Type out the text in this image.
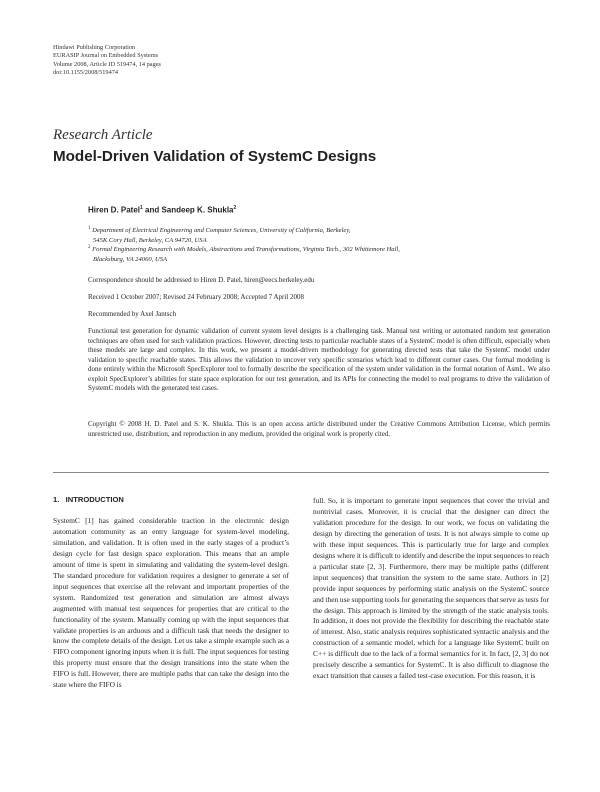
Hindawi Publishing Corporation
EURASIP Journal on Embedded Systems
Volume 2008, Article ID 519474, 14 pages
doi:10.1155/2008/519474
Research Article
Model-Driven Validation of SystemC Designs
Hiren D. Patel$^1$ and Sandeep K. Shukla$^2$
$^1$ Department of Electrical Engineering and Computer Sciences, University of California, Berkeley,
545K Cory Hall, Berkeley, CA 94720, USA
$^2$ Formal Engineering Research with Models, Abstractions and Transformations, Virginia Tech., 302 Whittemore Hall,
Blacksburg, VA 24060, USA
Correspondence should be addressed to Hiren D. Patel, hiren@eecs.berkeley.edu
Received 1 October 2007; Revised 24 February 2008; Accepted 7 April 2008
Recommended by Axel Jantsch
Functional test generation for dynamic validation of current system level designs is a challenging task. Manual test writing or automated random test generation techniques are often used for such validation practices. However, directing tests to particular reachable states of a SystemC model is often difficult, especially when these models are large and complex. In this work, we present a model-driven methodology for generating directed tests that take the SystemC model under validation to specific reachable states. This allows the validation to uncover very specific scenarios which lead to different corner cases. Our formal modeling is done entirely within the Microsoft SpecExplorer tool to formally describe the specification of the system under validation in the formal notation of AsmL. We also exploit SpecExplorer’s abilities for state space exploration for our test generation, and its APIs for connecting the model to real programs to drive the validation of SystemC models with the generated test cases.
Copyright © 2008 H. D. Patel and S. K. Shukla. This is an open access article distributed under the Creative Commons Attribution License, which permits unrestricted use, distribution, and reproduction in any medium, provided the original work is properly cited.
1.   INTRODUCTION

SystemC [1] has gained considerable traction in the electronic design automation community as an entry language for system-level modeling, simulation, and validation. It is often used in the early stages of a product’s design cycle for fast design space exploration. This means that an ample amount of time is spent in simulating and validating the system-level design. The standard procedure for validation requires a designer to generate a set of input sequences that exercise all the relevant and important properties of the system. Randomized test generation and simulation are almost always augmented with manual test sequences for properties that are critical to the functionality of the system. Manually coming up with the input sequences that validate properties is an arduous and a difficult task that needs the designer to know the complete details of the design. Let us take a simple example such as a FIFO component ignoring inputs when it is full. The input sequences for testing this property must ensure that the design transitions into the state when the FIFO is full. However, there are multiple paths that can take the design into the state where the FIFO is

full. So, it is important to generate input sequences that cover the trivial and nontrivial cases. Moreover, it is crucial that the designer can direct the validation procedure for the design. In our work, we focus on validating the design by directing the generation of tests. It is not always simple to come up with these input sequences. This is particularly true for large and complex designs where it is difficult to identify and describe the input sequences to reach a particular state [2, 3]. Furthermore, there may be multiple paths (different input sequences) that transition the system to the same state. Authors in [2] provide input sequences by performing static analysis on the SystemC source and then use supporting tools for generating the sequences that serve as tests for the design. This approach is limited by the strength of the static analysis tools. In addition, it does not provide the flexibility for describing the reachable state of interest. Also, static analysis requires sophisticated syntactic analysis and the construction of a semantic model, which for a language like SystemC built on C++ is difficult due to the lack of a formal semantics for it. In fact, [2, 3] do not precisely describe a semantics for SystemC. It is also difficult to diagnose the exact transition that causes a failed test-case execution. For this reason, it is
